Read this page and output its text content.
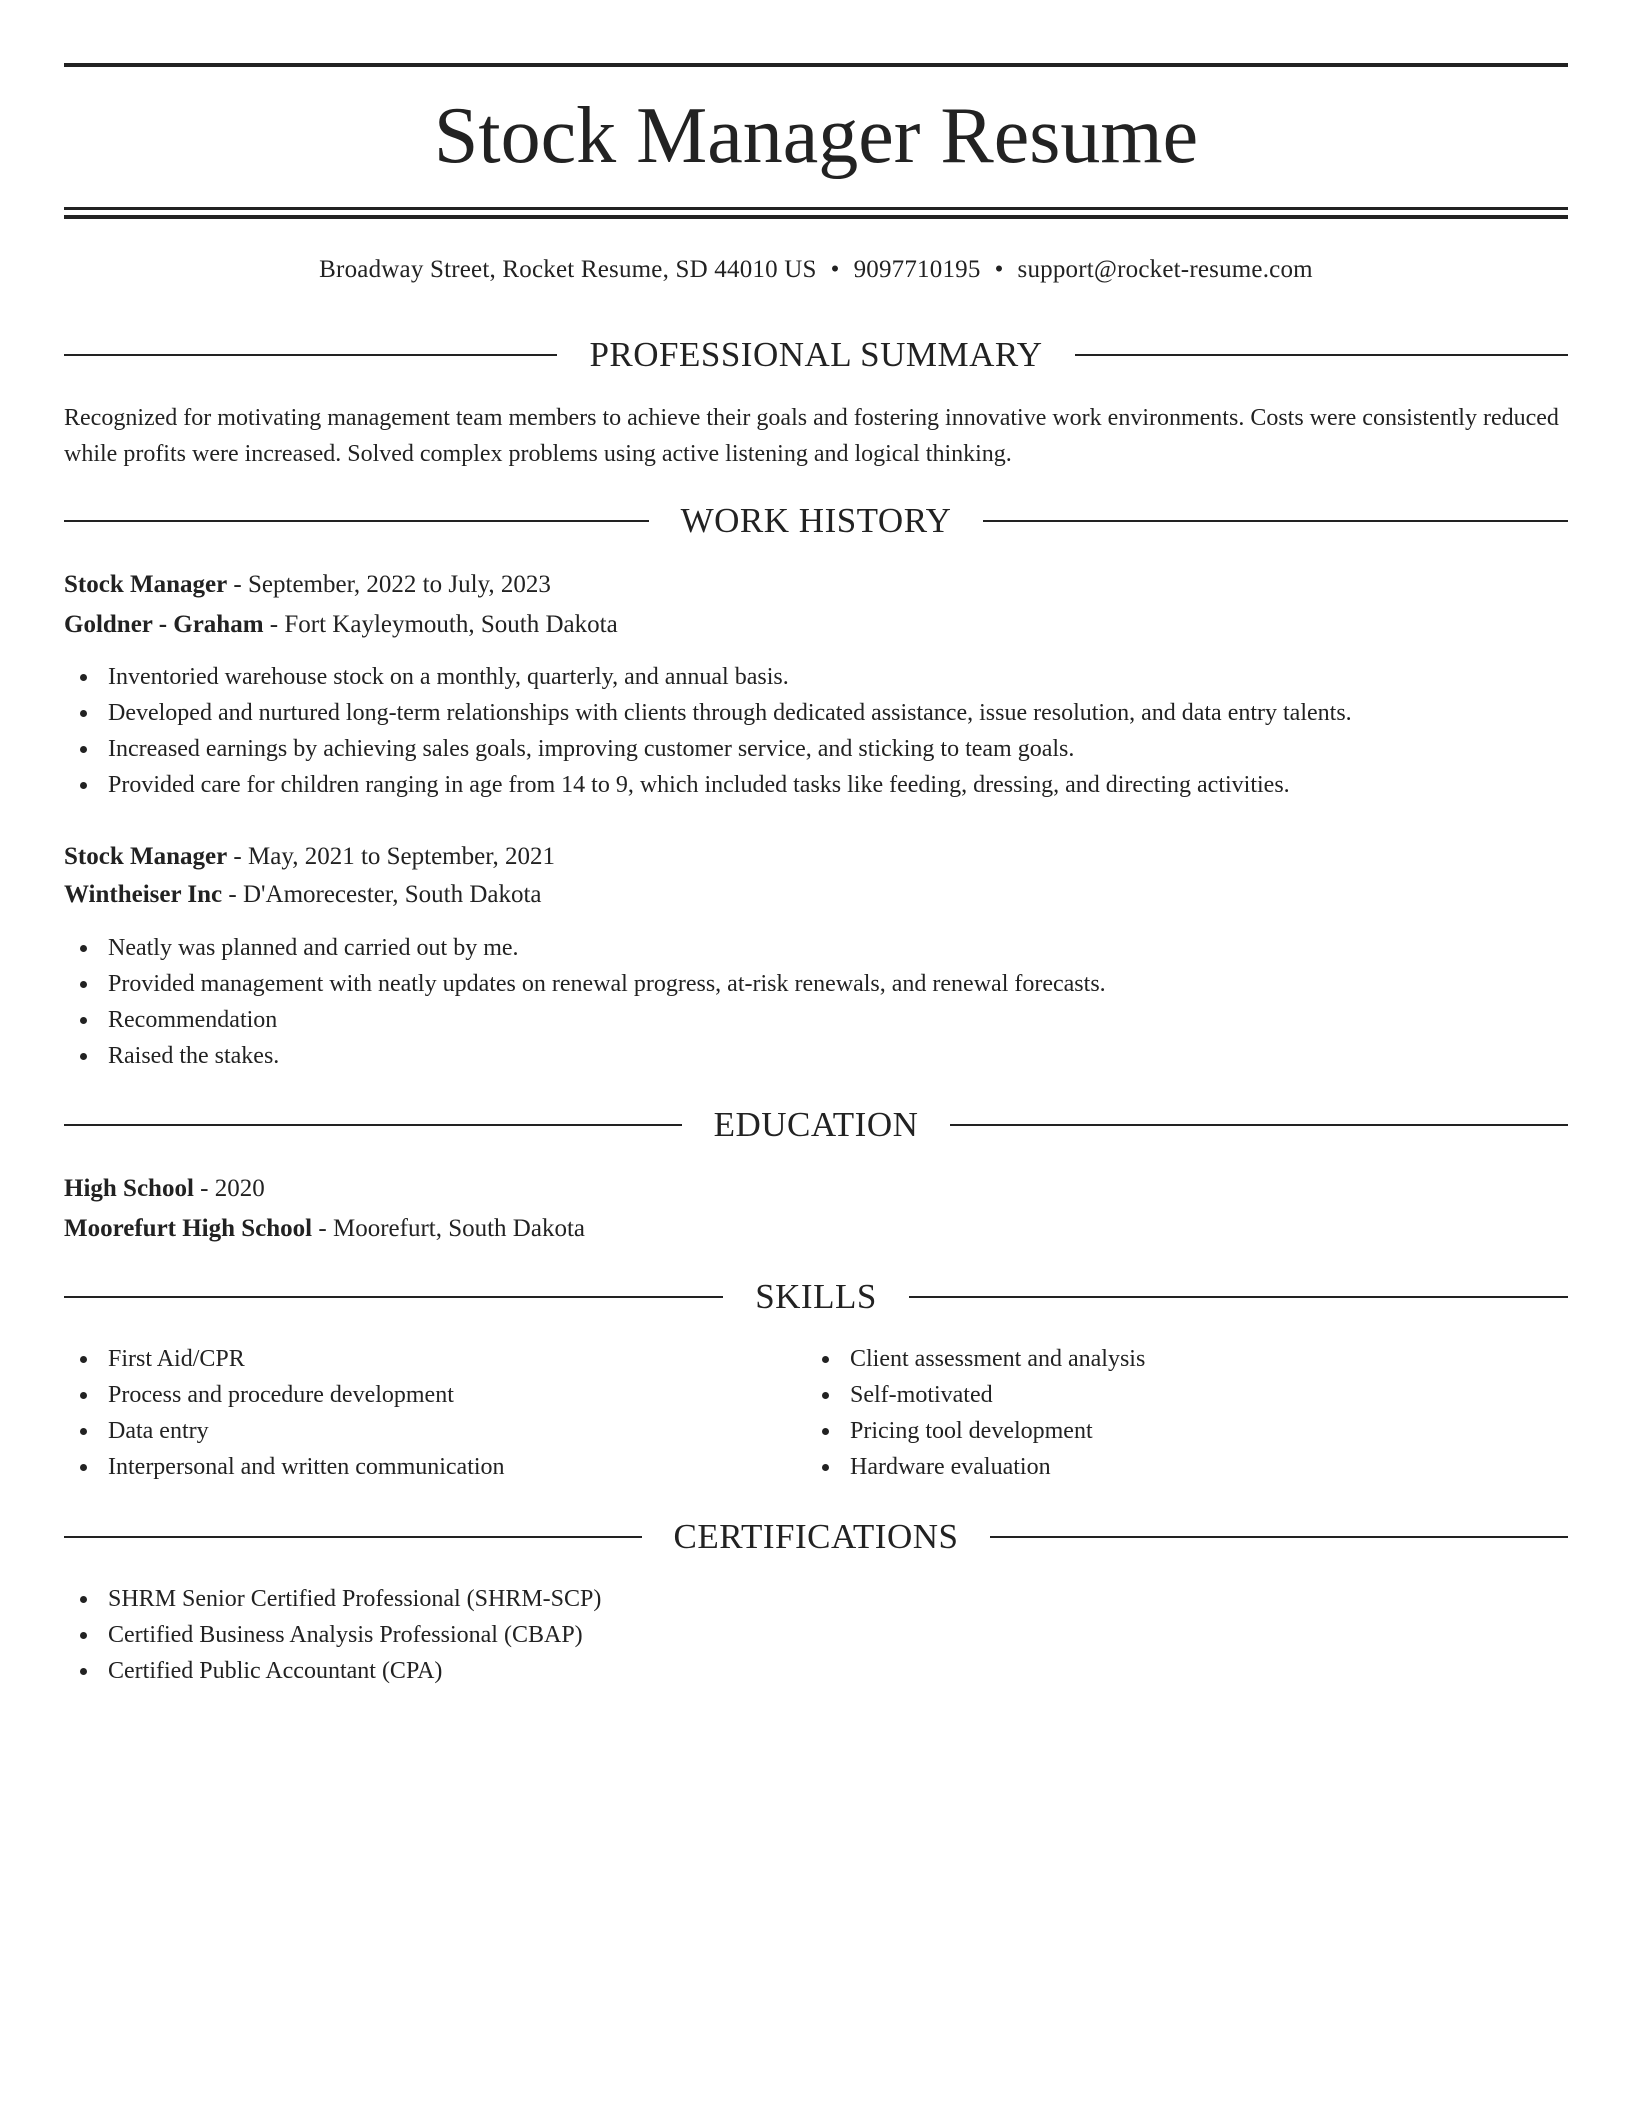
Stock Manager Resume
Broadway Street, Rocket Resume, SD 44010 US • 9097710195 • support@rocket-resume.com
PROFESSIONAL SUMMARY
Recognized for motivating management team members to achieve their goals and fostering innovative work environments. Costs were consistently reduced while profits were increased. Solved complex problems using active listening and logical thinking.
WORK HISTORY
Stock Manager - September, 2022 to July, 2023
Goldner - Graham - Fort Kayleymouth, South Dakota
Inventoried warehouse stock on a monthly, quarterly, and annual basis.
Developed and nurtured long-term relationships with clients through dedicated assistance, issue resolution, and data entry talents.
Increased earnings by achieving sales goals, improving customer service, and sticking to team goals.
Provided care for children ranging in age from 14 to 9, which included tasks like feeding, dressing, and directing activities.
Stock Manager - May, 2021 to September, 2021
Wintheiser Inc - D'Amorecester, South Dakota
Neatly was planned and carried out by me.
Provided management with neatly updates on renewal progress, at-risk renewals, and renewal forecasts.
Recommendation
Raised the stakes.
EDUCATION
High School - 2020
Moorefurt High School - Moorefurt, South Dakota
SKILLS
First Aid/CPR
Process and procedure development
Data entry
Interpersonal and written communication
Client assessment and analysis
Self-motivated
Pricing tool development
Hardware evaluation
CERTIFICATIONS
SHRM Senior Certified Professional (SHRM-SCP)
Certified Business Analysis Professional (CBAP)
Certified Public Accountant (CPA)
